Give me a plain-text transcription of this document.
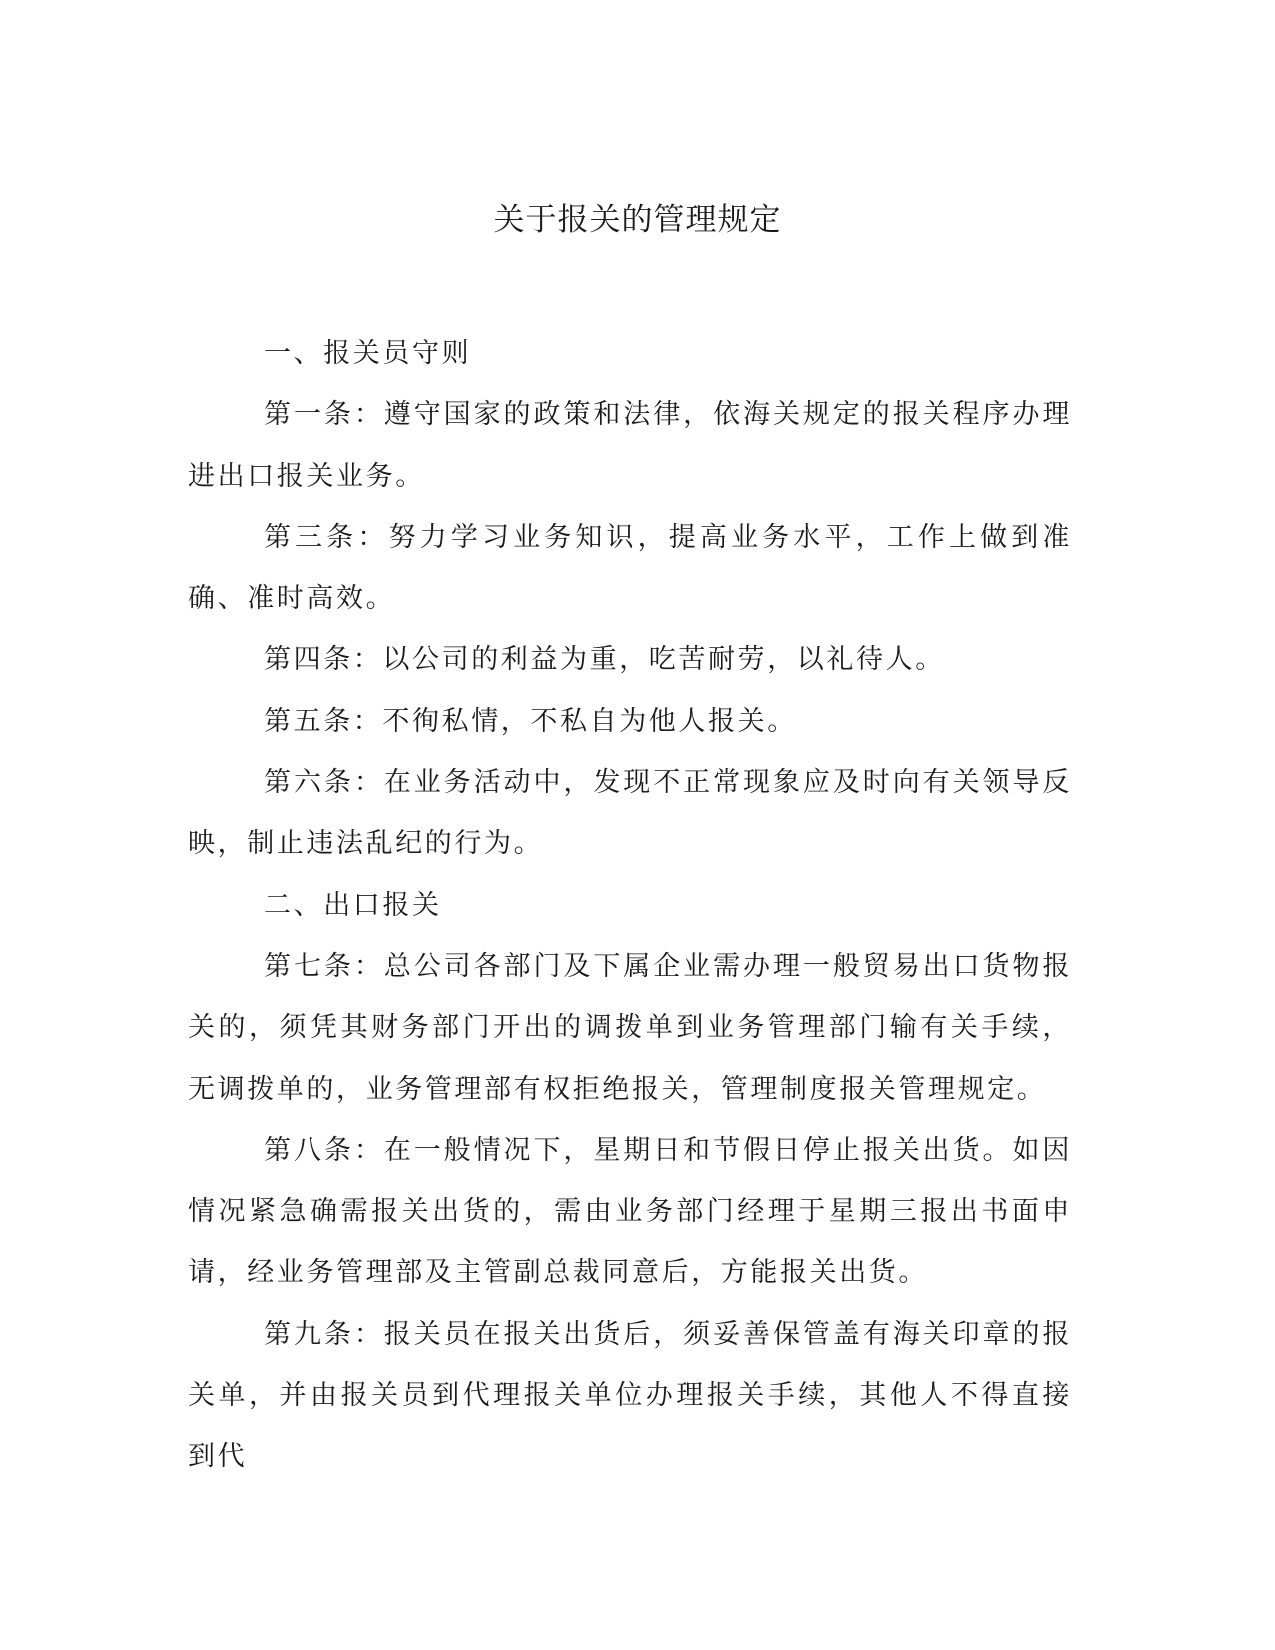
关于报关的管理规定

一、报关员守则

第一条：遵守国家的政策和法律，依海关规定的报关程序办理进出口报关业务。

第三条：努力学习业务知识，提高业务水平，工作上做到准确、准时高效。

第四条：以公司的利益为重，吃苦耐劳，以礼待人。

第五条：不徇私情，不私自为他人报关。

第六条：在业务活动中，发现不正常现象应及时向有关领导反映，制止违法乱纪的行为。

二、出口报关

第七条：总公司各部门及下属企业需办理一般贸易出口货物报关的，须凭其财务部门开出的调拨单到业务管理部门输有关手续，无调拨单的，业务管理部有权拒绝报关，管理制度报关管理规定。

第八条：在一般情况下，星期日和节假日停止报关出货。如因情况紧急确需报关出货的，需由业务部门经理于星期三报出书面申请，经业务管理部及主管副总裁同意后，方能报关出货。

第九条：报关员在报关出货后，须妥善保管盖有海关印章的报关单，并由报关员到代理报关单位办理报关手续，其他人不得直接到代
